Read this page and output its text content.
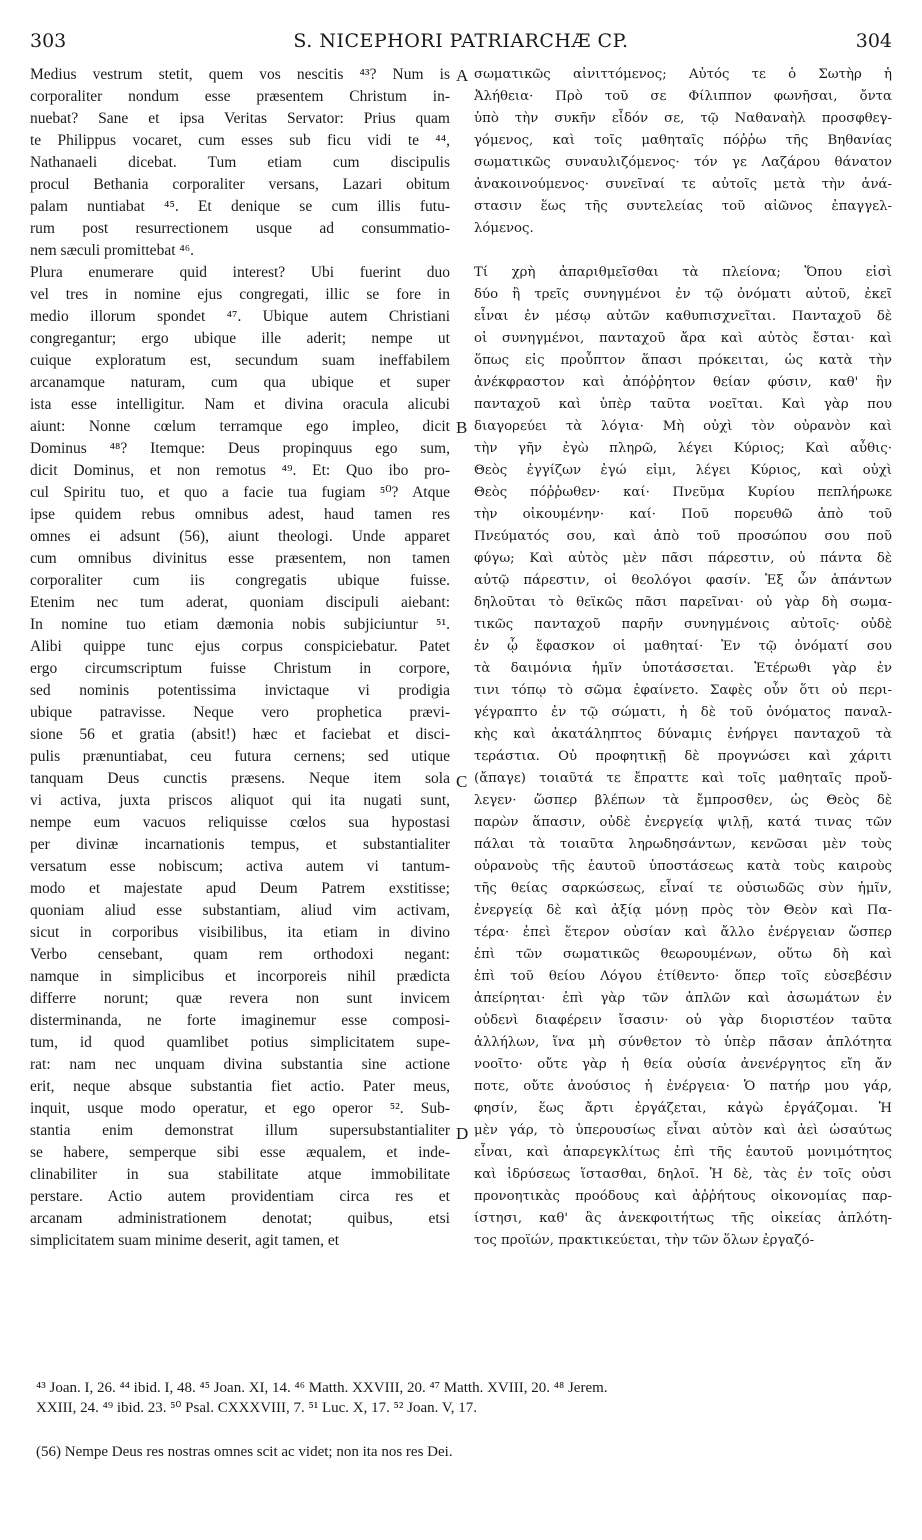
303	S. NICEPHORI PATRIARCHÆ CP.	304
Medius vestrum stetit, quem vos nescitis ⁴³? Num is
corporaliter nondum esse præsentem Christum in-
nuebat? Sane et ipsa Veritas Servator: Prius quam
te Philippus vocaret, cum esses sub ficu vidi te ⁴⁴,
Nathanaeli dicebat. Tum etiam cum discipulis
procul Bethania corporaliter versans, Lazari obitum
palam nuntiabat ⁴⁵. Et denique se cum illis futu-
rum post resurrectionem usque ad consummatio-
nem sæculi promittebat ⁴⁶.
Plura enumerare quid interest? Ubi fuerint duo
vel tres in nomine ejus congregati, illic se fore in
medio illorum spondet ⁴⁷. Ubique autem Christiani
congregantur; ergo ubique ille aderit; nempe ut
cuique exploratum est, secundum suam ineffabilem
arcanamque naturam, cum qua ubique et super
ista esse intelligitur. Nam et divina oracula alicubi
aiunt: Nonne cœlum terramque ego impleo, dicit
Dominus ⁴⁸? Itemque: Deus propinquus ego sum,
dicit Dominus, et non remotus ⁴⁹. Et: Quo ibo pro-
cul Spiritu tuo, et quo a facie tua fugiam ⁵⁰? Atque
ipse quidem rebus omnibus adest, haud tamen res
omnes ei adsunt (56), aiunt theologi. Unde apparet
cum omnibus divinitus esse præsentem, non tamen
corporaliter cum iis congregatis ubique fuisse.
Etenim nec tum aderat, quoniam discipuli aiebant:
In nomine tuo etiam dæmonia nobis subjiciuntur ⁵¹.
Alibi quippe tunc ejus corpus conspiciebatur. Patet
ergo circumscriptum fuisse Christum in corpore,
sed nominis potentissima invictaque vi prodigia
ubique patravisse. Neque vero prophetica prævi-
sione 56 et gratia (absit!) hæc et faciebat et disci-
pulis prænuntiabat, ceu futura cernens; sed utique
tanquam Deus cunctis præsens. Neque item sola
vi activa, juxta priscos aliquot qui ita nugati sunt,
nempe eum vacuos reliquisse cœlos sua hypostasi
per divinæ incarnationis tempus, et substantialiter
versatum esse nobiscum; activa autem vi tantum-
modo et majestate apud Deum Patrem exstitisse;
quoniam aliud esse substantiam, aliud vim activam,
sicut in corporibus visibilibus, ita etiam in divino
Verbo censebant, quam rem orthodoxi negant:
namque in simplicibus et incorporeis nihil prædicta
differre norunt; quæ revera non sunt invicem
disterminanda, ne forte imaginemur esse composi-
tum, id quod quamlibet potius simplicitatem supe-
rat: nam nec unquam divina substantia sine actione
erit, neque absque substantia fiet actio. Pater meus,
inquit, usque modo operatur, et ego operor ⁵². Sub-
stantia enim demonstrat illum supersubstantialiter
se habere, semperque sibi esse æqualem, et inde-
clinabiliter in sua stabilitate atque immobilitate
perstare. Actio autem providentiam circa res et
arcanam administrationem denotat; quibus, etsi
simplicitatem suam minime deserit, agit tamen, et
σωματικῶς αἰνιττόμενος; Αὐτός τε ὁ Σωτὴρ ἡ
Ἀλήθεια· Πρὸ τοῦ σε Φίλιππον φωνῆσαι, ὄντα
ὑπὸ τὴν συκῆν εἶδόν σε, τῷ Ναθαναὴλ προσφθεγ-
γόμενος, καὶ τοῖς μαθηταῖς πόῤῥω τῆς Βηθανίας
σωματικῶς συναυλιζόμενος· τόν γε Λαζάρου θάνατον
ἀνακοινούμενος· συνεῖναί τε αὐτοῖς μετὰ τὴν ἀνά-
στασιν ἕως τῆς συντελείας τοῦ αἰῶνος ἐπαγγελ-
λόμενος.
Τί χρὴ ἀπαριθμεῖσθαι τὰ πλείονα; Ὅπου εἰσὶ
δύο ἢ τρεῖς συνηγμένοι ἐν τῷ ὀνόματι αὐτοῦ, ἐκεῖ
εἶναι ἐν μέσῳ αὐτῶν καθυπισχνεῖται. Πανταχοῦ δὲ
οἱ συνηγμένοι, πανταχοῦ ἄρα καὶ αὐτὸς ἔσται· καὶ
ὅπως εἰς προὖπτον ἅπασι πρόκειται, ὡς κατὰ τὴν
ἀνέκφραστον καὶ ἀπόῤῥητον θείαν φύσιν, καθ' ἣν
πανταχοῦ καὶ ὑπὲρ ταῦτα νοεῖται. Καὶ γὰρ που
διαγορεύει τὰ λόγια· Μὴ οὐχὶ τὸν οὐρανὸν καὶ
τὴν γῆν ἐγὼ πληρῶ, λέγει Κύριος; Καὶ αὖθις·
Θεὸς ἐγγίζων ἐγώ εἰμι, λέγει Κύριος, καὶ οὐχὶ
Θεὸς πόῤῥωθεν· καί· Πνεῦμα Κυρίου πεπλήρωκε
τὴν οἰκουμένην· καί· Ποῦ πορευθῶ ἀπὸ τοῦ
Πνεύματός σου, καὶ ἀπὸ τοῦ προσώπου σου ποῦ
φύγω; Καὶ αὐτὸς μὲν πᾶσι πάρεστιν, οὐ πάντα δὲ
αὐτῷ πάρεστιν, οἱ θεολόγοι φασίν. Ἐξ ὧν ἁπάντων
δηλοῦται τὸ θεϊκῶς πᾶσι παρεῖναι· οὐ γὰρ δὴ σωμα-
τικῶς πανταχοῦ παρῆν συνηγμένοις αὐτοῖς· οὐδὲ
ἐν ᾧ ἔφασκον οἱ μαθηταί· Ἐν τῷ ὀνόματί σου
τὰ δαιμόνια ἡμῖν ὑποτάσσεται. Ἑτέρωθι γὰρ ἐν
τινι τόπῳ τὸ σῶμα ἐφαίνετο. Σαφὲς οὖν ὅτι οὐ περι-
γέγραπτο ἐν τῷ σώματι, ἡ δὲ τοῦ ὀνόματος παναλ-
κὴς καὶ ἀκατάληπτος δύναμις ἐνήργει πανταχοῦ τὰ
τεράστια. Οὐ προφητικῇ δὲ προγνώσει καὶ χάριτι
(ἄπαγε) τοιαῦτά τε ἔπραττε καὶ τοῖς μαθηταῖς προὔ-
λεγεν· ὥσπερ βλέπων τὰ ἔμπροσθεν, ὡς Θεὸς δὲ
παρὼν ἅπασιν, οὐδὲ ἐνεργείᾳ ψιλῇ, κατά τινας τῶν
πάλαι τὰ τοιαῦτα ληρωδησάντων, κενῶσαι μὲν τοὺς
οὐρανοὺς τῆς ἑαυτοῦ ὑποστάσεως κατὰ τοὺς καιροὺς
τῆς θείας σαρκώσεως, εἶναί τε οὐσιωδῶς σὺν ἡμῖν,
ἐνεργείᾳ δὲ καὶ ἀξίᾳ μόνῃ πρὸς τὸν Θεὸν καὶ Πα-
τέρα· ἐπεὶ ἕτερον οὐσίαν καὶ ἄλλο ἐνέργειαν ὥσπερ
ἐπὶ τῶν σωματικῶς θεωρουμένων, οὕτω δὴ καὶ
ἐπὶ τοῦ θείου Λόγου ἐτίθεντο· ὅπερ τοῖς εὐσεβέσιν
ἀπείρηται· ἐπὶ γὰρ τῶν ἁπλῶν καὶ ἀσωμάτων ἐν
οὐδενὶ διαφέρειν ἴσασιν· οὐ γὰρ διοριστέον ταῦτα
ἀλλήλων, ἵνα μὴ σύνθετον τὸ ὑπὲρ πᾶσαν ἁπλότητα
νοοῖτο· οὔτε γὰρ ἡ θεία οὐσία ἀνενέργητος εἴη ἄν
ποτε, οὔτε ἀνούσιος ἡ ἐνέργεια· Ὁ πατήρ μου γάρ,
φησίν, ἕως ἄρτι ἐργάζεται, κἀγὼ ἐργάζομαι. Ἡ
μὲν γάρ, τὸ ὑπερουσίως εἶναι αὐτὸν καὶ ἀεὶ ὡσαύτως
εἶναι, καὶ ἀπαρεγκλίτως ἐπὶ τῆς ἑαυτοῦ μονιμότητος
καὶ ἱδρύσεως ἵστασθαι, δηλοῖ. Ἡ δὲ, τὰς ἐν τοῖς οὐσι
προνοητικὰς προόδους καὶ ἀῤῥήτους οἰκονομίας παρ-
ίστησι, καθ' ἃς ἀνεκφοιτήτως τῆς οἰκείας ἁπλότη-
τος προϊών, πρακτικεύεται, τὴν τῶν ὅλων ἐργαζό-
A
B
C
D
⁴³ Joan. I, 26. ⁴⁴ ibid. I, 48. ⁴⁵ Joan. XI, 14. ⁴⁶ Matth. XXVIII, 20. ⁴⁷ Matth. XVIII, 20. ⁴⁸ Jerem.
XXIII, 24. ⁴⁹ ibid. 23. ⁵⁰ Psal. CXXXVIII, 7. ⁵¹ Luc. X, 17. ⁵² Joan. V, 17.
(56) Nempe Deus res nostras omnes scit ac videt; non ita nos res Dei.
